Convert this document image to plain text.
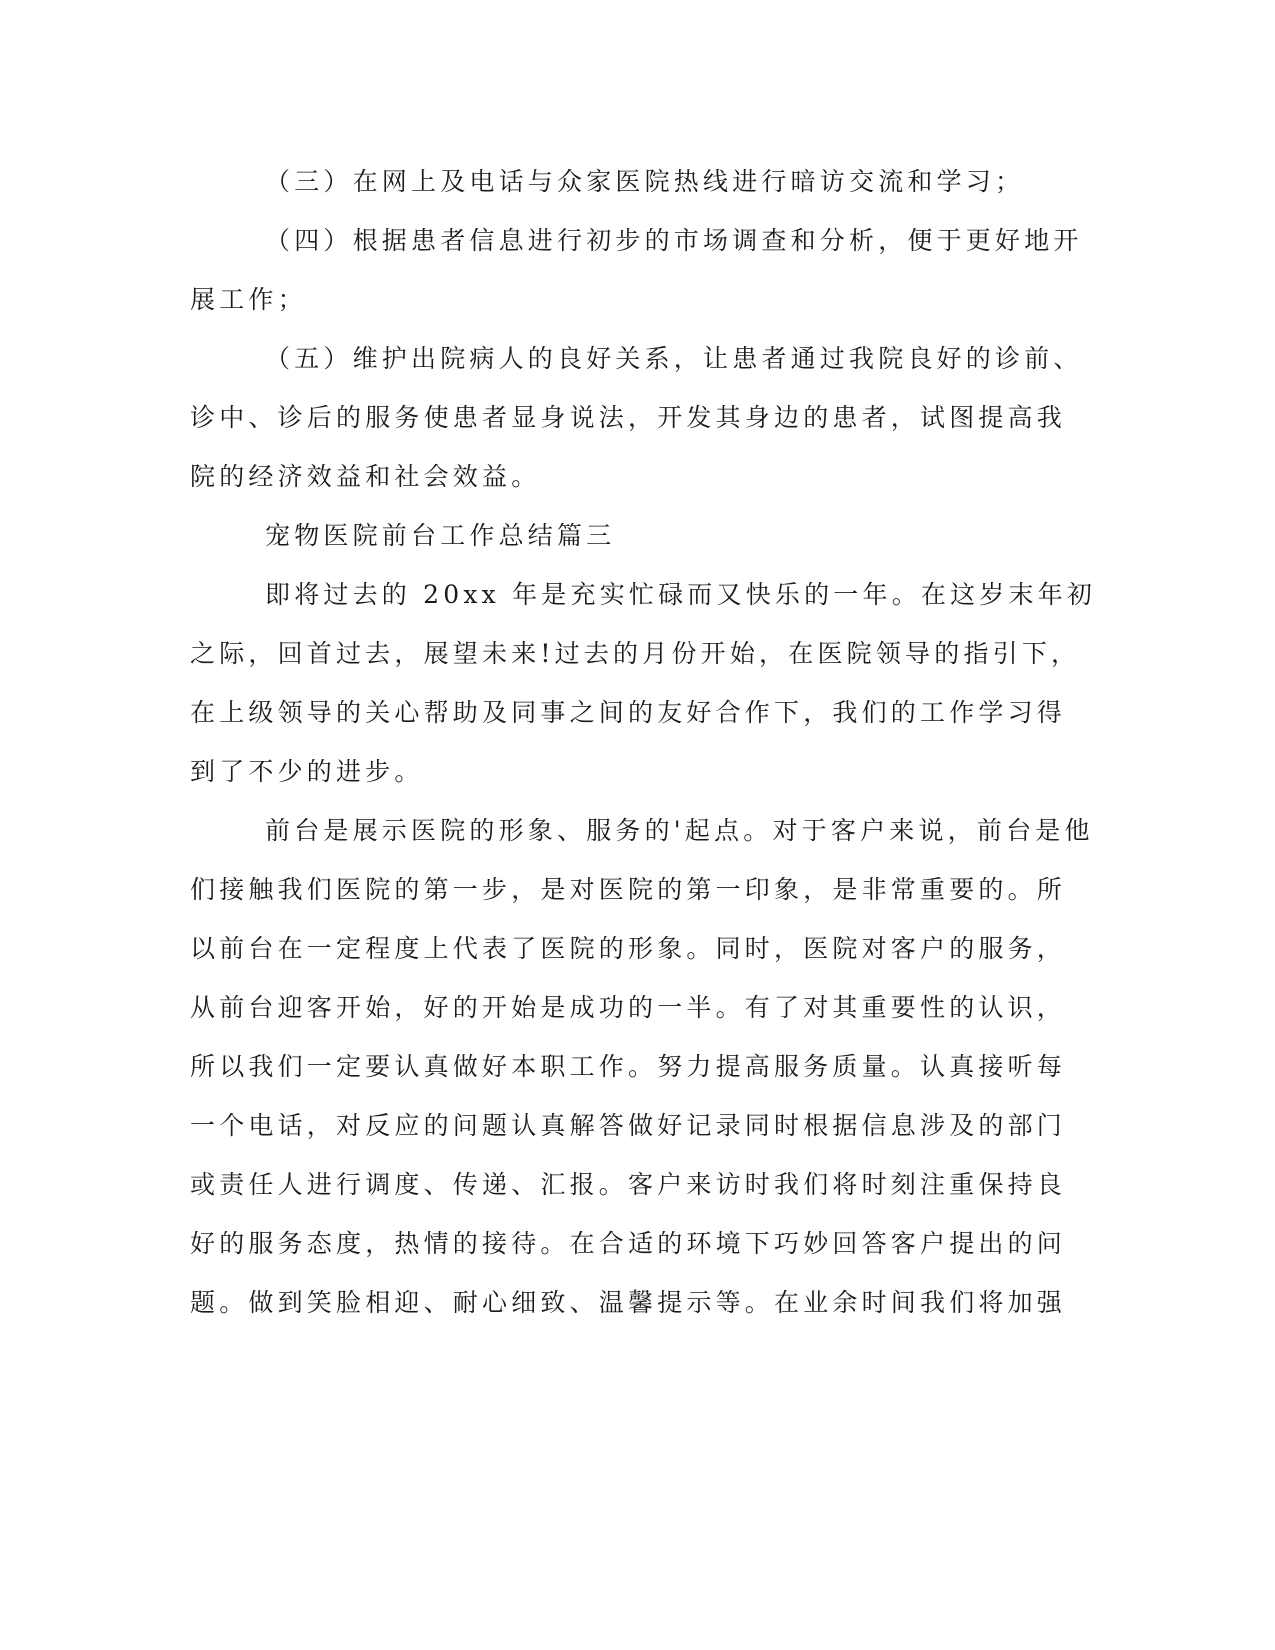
（三）在网上及电话与众家医院热线进行暗访交流和学习；

（四）根据患者信息进行初步的市场调查和分析，便于更好地开

展工作；

（五）维护出院病人的良好关系，让患者通过我院良好的诊前、

诊中、诊后的服务使患者显身说法，开发其身边的患者，试图提高我

院的经济效益和社会效益。

宠物医院前台工作总结篇三

即将过去的 20xx 年是充实忙碌而又快乐的一年。在这岁末年初

之际，回首过去，展望未来!过去的月份开始，在医院领导的指引下，

在上级领导的关心帮助及同事之间的友好合作下，我们的工作学习得

到了不少的进步。

前台是展示医院的形象、服务的'起点。对于客户来说，前台是他

们接触我们医院的第一步，是对医院的第一印象，是非常重要的。所

以前台在一定程度上代表了医院的形象。同时，医院对客户的服务，

从前台迎客开始，好的开始是成功的一半。有了对其重要性的认识，

所以我们一定要认真做好本职工作。努力提高服务质量。认真接听每

一个电话，对反应的问题认真解答做好记录同时根据信息涉及的部门

或责任人进行调度、传递、汇报。客户来访时我们将时刻注重保持良

好的服务态度，热情的接待。在合适的环境下巧妙回答客户提出的问

题。做到笑脸相迎、耐心细致、温馨提示等。在业余时间我们将加强
